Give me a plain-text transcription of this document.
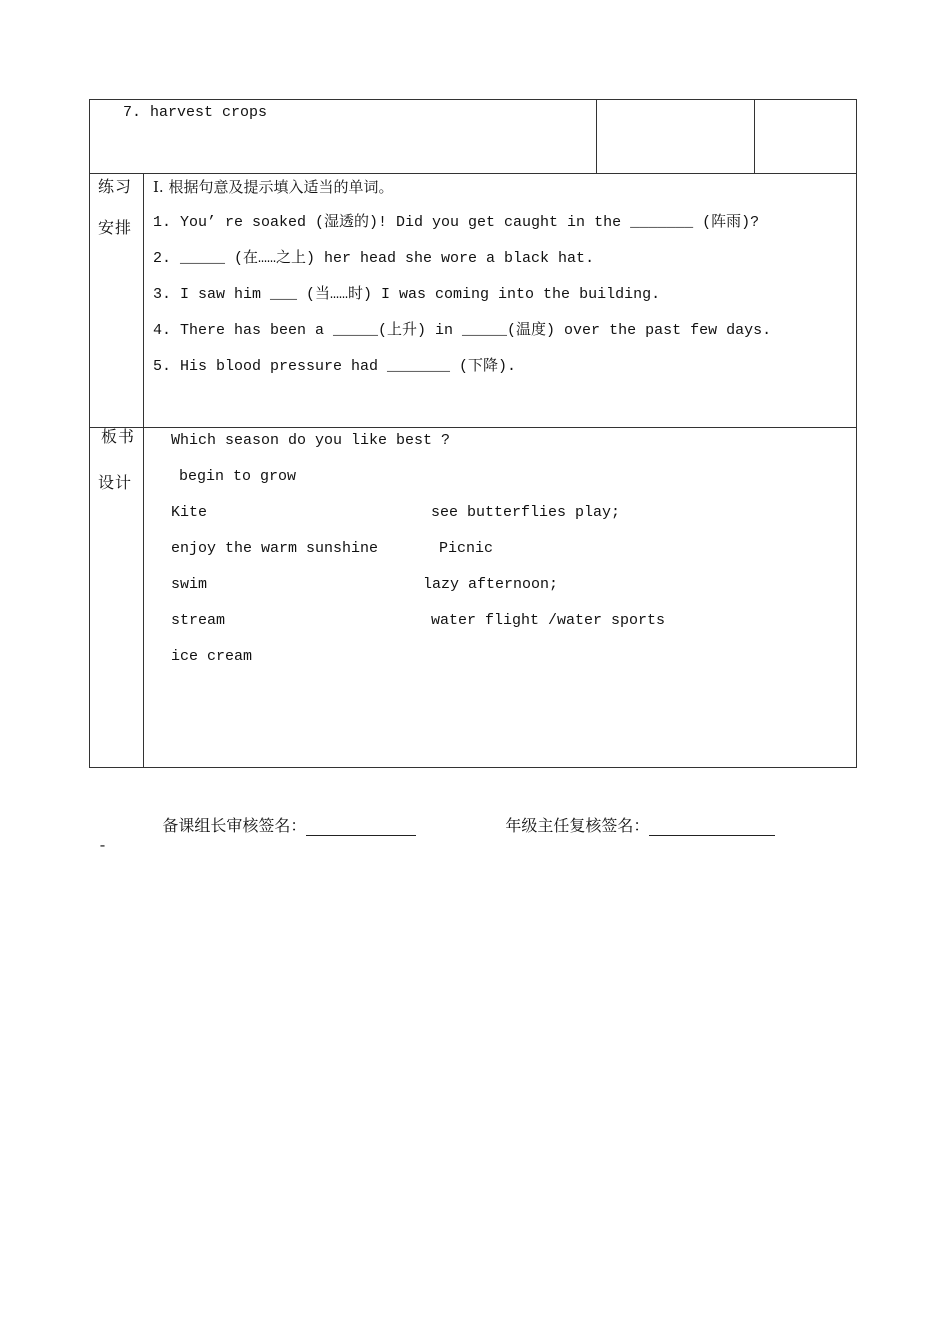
7. harvest crops
练习
安排
I. 根据句意及提示填入适当的单词。
1. You’ re soaked (湿透的)! Did you get caught in the _______ (阵雨)?
2. _____ (在……之上) her head she wore a black hat.
3. I saw him ___ (当……时) I was coming into the building.
4. There has been a _____(上升) in _____(温度) over the past few days.
5. His blood pressure had _______ (下降).
板书
设计
Which season do you like best ?
begin to grow
Kite
enjoy the warm sunshine
swim
stream
ice cream
see butterflies play;
Picnic
lazy afternoon;
water flight /water sports

备课组长审核签名：
	年级主任复核签名：

-
